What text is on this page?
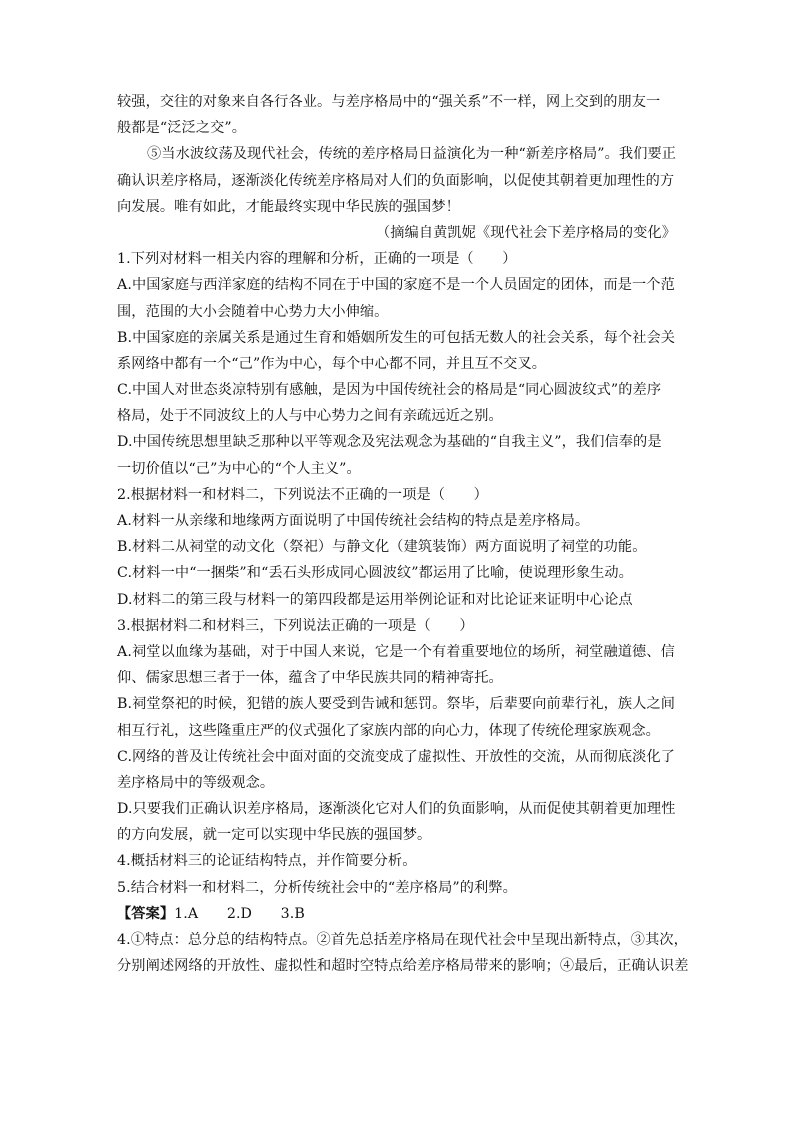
较强，交往的对象来自各行各业。与差序格局中的“强关系”不一样，网上交到的朋友一
般都是“泛泛之交”。
⑤当水波纹荡及现代社会，传统的差序格局日益演化为一种“新差序格局”。我们要正
确认识差序格局，逐渐淡化传统差序格局对人们的负面影响，以促使其朝着更加理性的方
向发展。唯有如此，才能最终实现中华民族的强国梦！
（摘编自黄凯妮《现代社会下差序格局的变化》
1.下列对材料一相关内容的理解和分析，正确的一项是（　　）
A.中国家庭与西洋家庭的结构不同在于中国的家庭不是一个人员固定的团体，而是一个范
围，范围的大小会随着中心势力大小伸缩。
B.中国家庭的亲属关系是通过生育和婚姻所发生的可包括无数人的社会关系，每个社会关
系网络中都有一个“己”作为中心，每个中心都不同，并且互不交叉。
C.中国人对世态炎凉特别有感触，是因为中国传统社会的格局是“同心圆波纹式”的差序
格局，处于不同波纹上的人与中心势力之间有亲疏远近之别。
D.中国传统思想里缺乏那种以平等观念及宪法观念为基础的“自我主义”，我们信奉的是
一切价值以“己”为中心的“个人主义”。
2.根据材料一和材料二，下列说法不正确的一项是（　　）
A.材料一从亲缘和地缘两方面说明了中国传统社会结构的特点是差序格局。
B.材料二从祠堂的动文化（祭祀）与静文化（建筑装饰）两方面说明了祠堂的功能。
C.材料一中“一捆柴”和“丢石头形成同心圆波纹”都运用了比喻，使说理形象生动。
D.材料二的第三段与材料一的第四段都是运用举例论证和对比论证来证明中心论点
3.根据材料二和材料三，下列说法正确的一项是（　　）
A.祠堂以血缘为基础，对于中国人来说，它是一个有着重要地位的场所，祠堂融道德、信
仰、儒家思想三者于一体，蕴含了中华民族共同的精神寄托。
B.祠堂祭祀的时候，犯错的族人要受到告诫和惩罚。祭毕，后辈要向前辈行礼，族人之间
相互行礼，这些隆重庄严的仪式强化了家族内部的向心力，体现了传统伦理家族观念。
C.网络的普及让传统社会中面对面的交流变成了虚拟性、开放性的交流，从而彻底淡化了
差序格局中的等级观念。
D.只要我们正确认识差序格局，逐渐淡化它对人们的负面影响，从而促使其朝着更加理性
的方向发展，就一定可以实现中华民族的强国梦。
4.概括材料三的论证结构特点，并作简要分析。
5.结合材料一和材料二，分析传统社会中的“差序格局”的利弊。
【答案】1.A　　2.D　　3.B
4.①特点：总分总的结构特点。②首先总括差序格局在现代社会中呈现出新特点，③其次，
分别阐述网络的开放性、虚拟性和超时空特点给差序格局带来的影响；④最后，正确认识差
